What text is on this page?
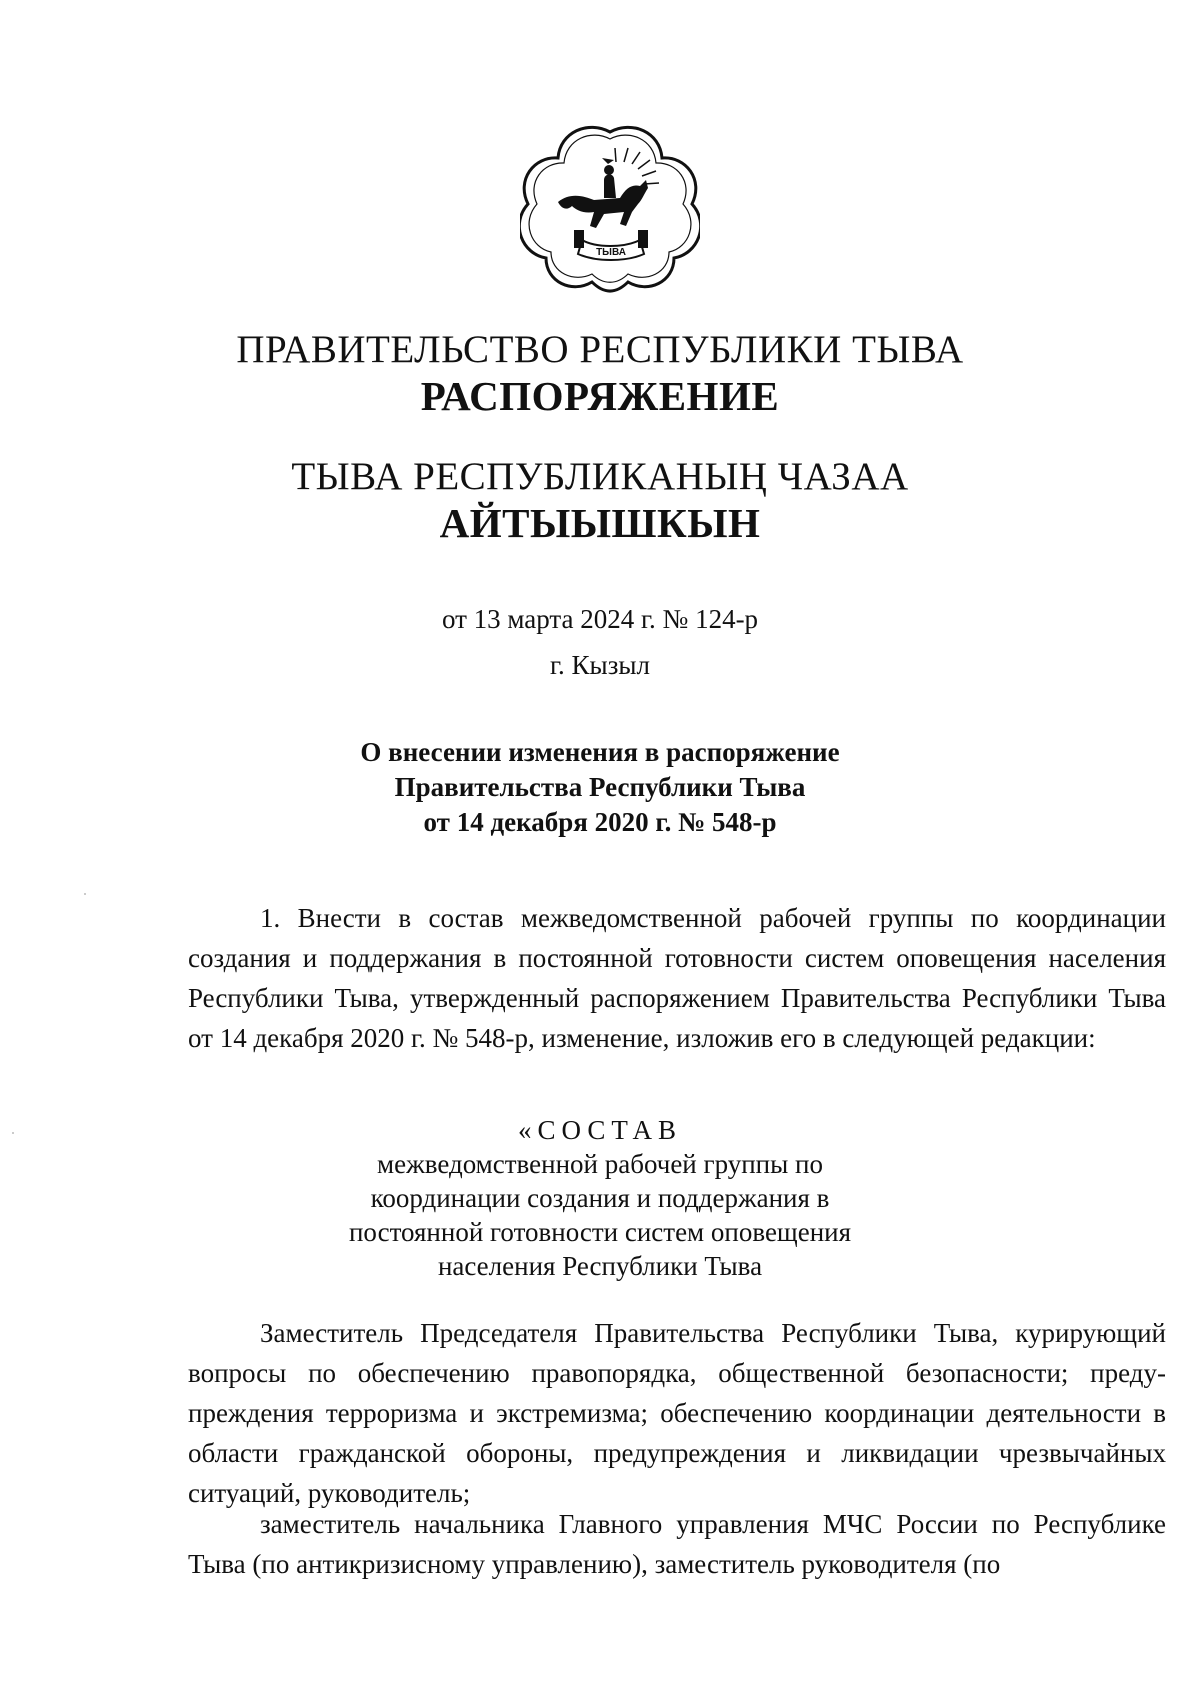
ТЫВА
ПРАВИТЕЛЬСТВО РЕСПУБЛИКИ ТЫВА
РАСПОРЯЖЕНИЕ
ТЫВА РЕСПУБЛИКАНЫҢ ЧАЗАА
АЙТЫЫШКЫН
от 13 марта 2024 г. № 124-р
г. Кызыл
О внесении изменения в распоряжение
Правительства Республики Тыва
от 14 декабря 2020 г. № 548-р

1. Внести в состав межведомственной рабочей группы по координации создания и поддержания в постоянной готовности систем оповещения населения Республики Тыва, утвержденный распоряжением Правительства Республики Тыва от 14 декабря 2020 г. № 548-р, изменение, изложив его в следующей редакции:

«СОСТАВ
межведомственной рабочей группы по
координации создания и поддержания в
постоянной готовности систем оповещения
населения Республики Тыва

Заместитель Председателя Правительства Республики Тыва, курирующий вопросы по обеспечению правопорядка, общественной безопасности; предупреждения терроризма и экстремизма; обеспечению координации деятельности в области гражданской обороны, предупреждения и ликвидации чрезвычайных ситуаций, руководитель;

заместитель начальника Главного управления МЧС России по Республике Тыва (по антикризисному управлению), заместитель руководителя (по
